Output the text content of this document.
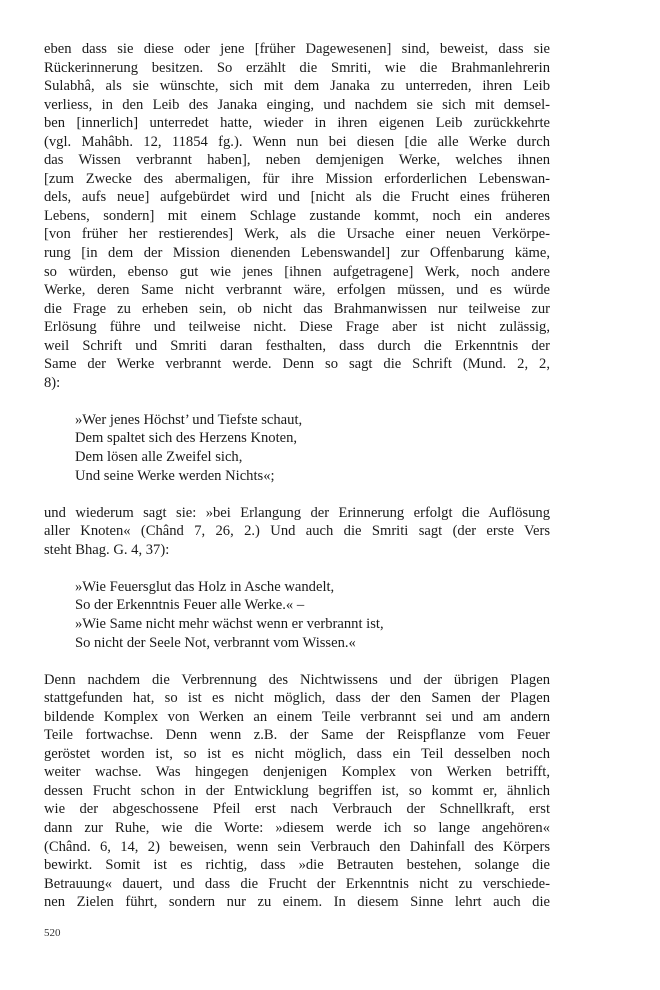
eben dass sie diese oder jene [früher Dagewesenen] sind, beweist, dass sie
Rückerinnerung besitzen. So erzählt die Smriti, wie die Brahmanlehrerin
Sulabhâ, als sie wünschte, sich mit dem Janaka zu unterreden, ihren Leib
verliess, in den Leib des Janaka einging, und nachdem sie sich mit demsel-
ben [innerlich] unterredet hatte, wieder in ihren eigenen Leib zurückkehrte
(vgl. Mahâbh. 12, 11854 fg.). Wenn nun bei diesen [die alle Werke durch
das Wissen verbrannt haben], neben demjenigen Werke, welches ihnen
[zum Zwecke des abermaligen, für ihre Mission erforderlichen Lebenswan-
dels, aufs neue] aufgebürdet wird und [nicht als die Frucht eines früheren
Lebens, sondern] mit einem Schlage zustande kommt, noch ein anderes
[von früher her restierendes] Werk, als die Ursache einer neuen Verkörpe-
rung [in dem der Mission dienenden Lebenswandel] zur Offenbarung käme,
so würden, ebenso gut wie jenes [ihnen aufgetragene] Werk, noch andere
Werke, deren Same nicht verbrannt wäre, erfolgen müssen, und es würde
die Frage zu erheben sein, ob nicht das Brahmanwissen nur teilweise zur
Erlösung führe und teilweise nicht. Diese Frage aber ist nicht zulässig,
weil Schrift und Smriti daran festhalten, dass durch die Erkenntnis der
Same der Werke verbrannt werde. Denn so sagt die Schrift (Mund. 2, 2,
8):
»Wer jenes Höchst’ und Tiefste schaut,
Dem spaltet sich des Herzens Knoten,
Dem lösen alle Zweifel sich,
Und seine Werke werden Nichts«;
und wiederum sagt sie: »bei Erlangung der Erinnerung erfolgt die Auflösung
aller Knoten« (Chând 7, 26, 2.) Und auch die Smriti sagt (der erste Vers
steht Bhag. G. 4, 37):
»Wie Feuersglut das Holz in Asche wandelt,
So der Erkenntnis Feuer alle Werke.« –
»Wie Same nicht mehr wächst wenn er verbrannt ist,
So nicht der Seele Not, verbrannt vom Wissen.«
Denn nachdem die Verbrennung des Nichtwissens und der übrigen Plagen
stattgefunden hat, so ist es nicht möglich, dass der den Samen der Plagen
bildende Komplex von Werken an einem Teile verbrannt sei und am andern
Teile fortwachse. Denn wenn z.B. der Same der Reispflanze vom Feuer
geröstet worden ist, so ist es nicht möglich, dass ein Teil desselben noch
weiter wachse. Was hingegen denjenigen Komplex von Werken betrifft,
dessen Frucht schon in der Entwicklung begriffen ist, so kommt er, ähnlich
wie der abgeschossene Pfeil erst nach Verbrauch der Schnellkraft, erst
dann zur Ruhe, wie die Worte: »diesem werde ich so lange angehören«
(Chând. 6, 14, 2) beweisen, wenn sein Verbrauch den Dahinfall des Körpers
bewirkt. Somit ist es richtig, dass »die Betrauten bestehen, solange die
Betrauung« dauert, und dass die Frucht der Erkenntnis nicht zu verschiede-
nen Zielen führt, sondern nur zu einem. In diesem Sinne lehrt auch die
520
